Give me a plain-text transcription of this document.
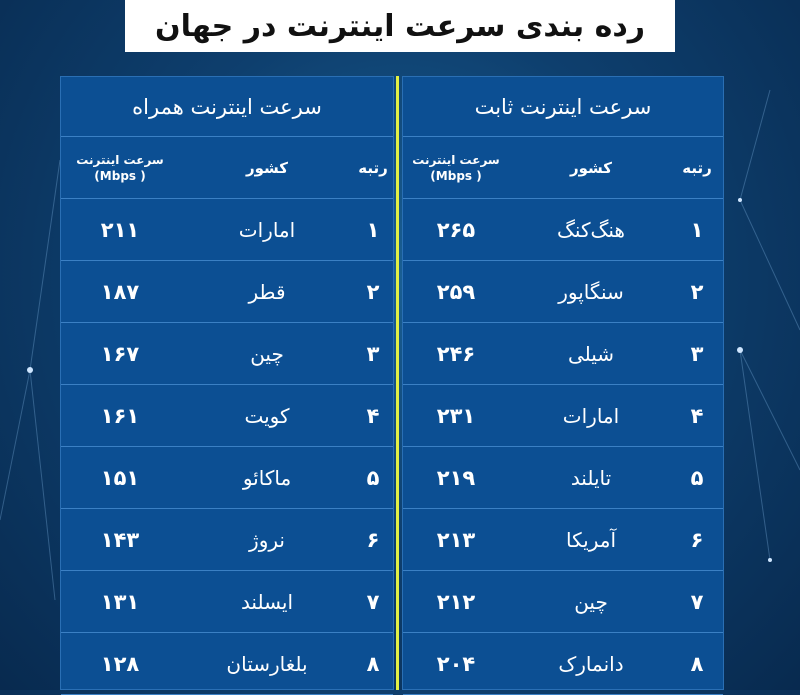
رده بندی سرعت اینترنت در جهان
سرعت اینترنت ثابت
رتبه
کشور
سرعت اینترنت
(Mbps )
۱
هنگ‌کنگ
۲۶۵
۲
سنگاپور
۲۵۹
۳
شیلی
۲۴۶
۴
امارات
۲۳۱
۵
تایلند
۲۱۹
۶
آمریکا
۲۱۳
۷
چین
۲۱۲
۸
دانمارک
۲۰۴
سرعت اینترنت همراه
رتبه
کشور
سرعت اینترنت
(Mbps )
۱
امارات
۲۱۱
۲
قطر
۱۸۷
۳
چین
۱۶۷
۴
کویت
۱۶۱
۵
ماکائو
۱۵۱
۶
نروژ
۱۴۳
۷
ایسلند
۱۳۱
۸
بلغارستان
۱۲۸
